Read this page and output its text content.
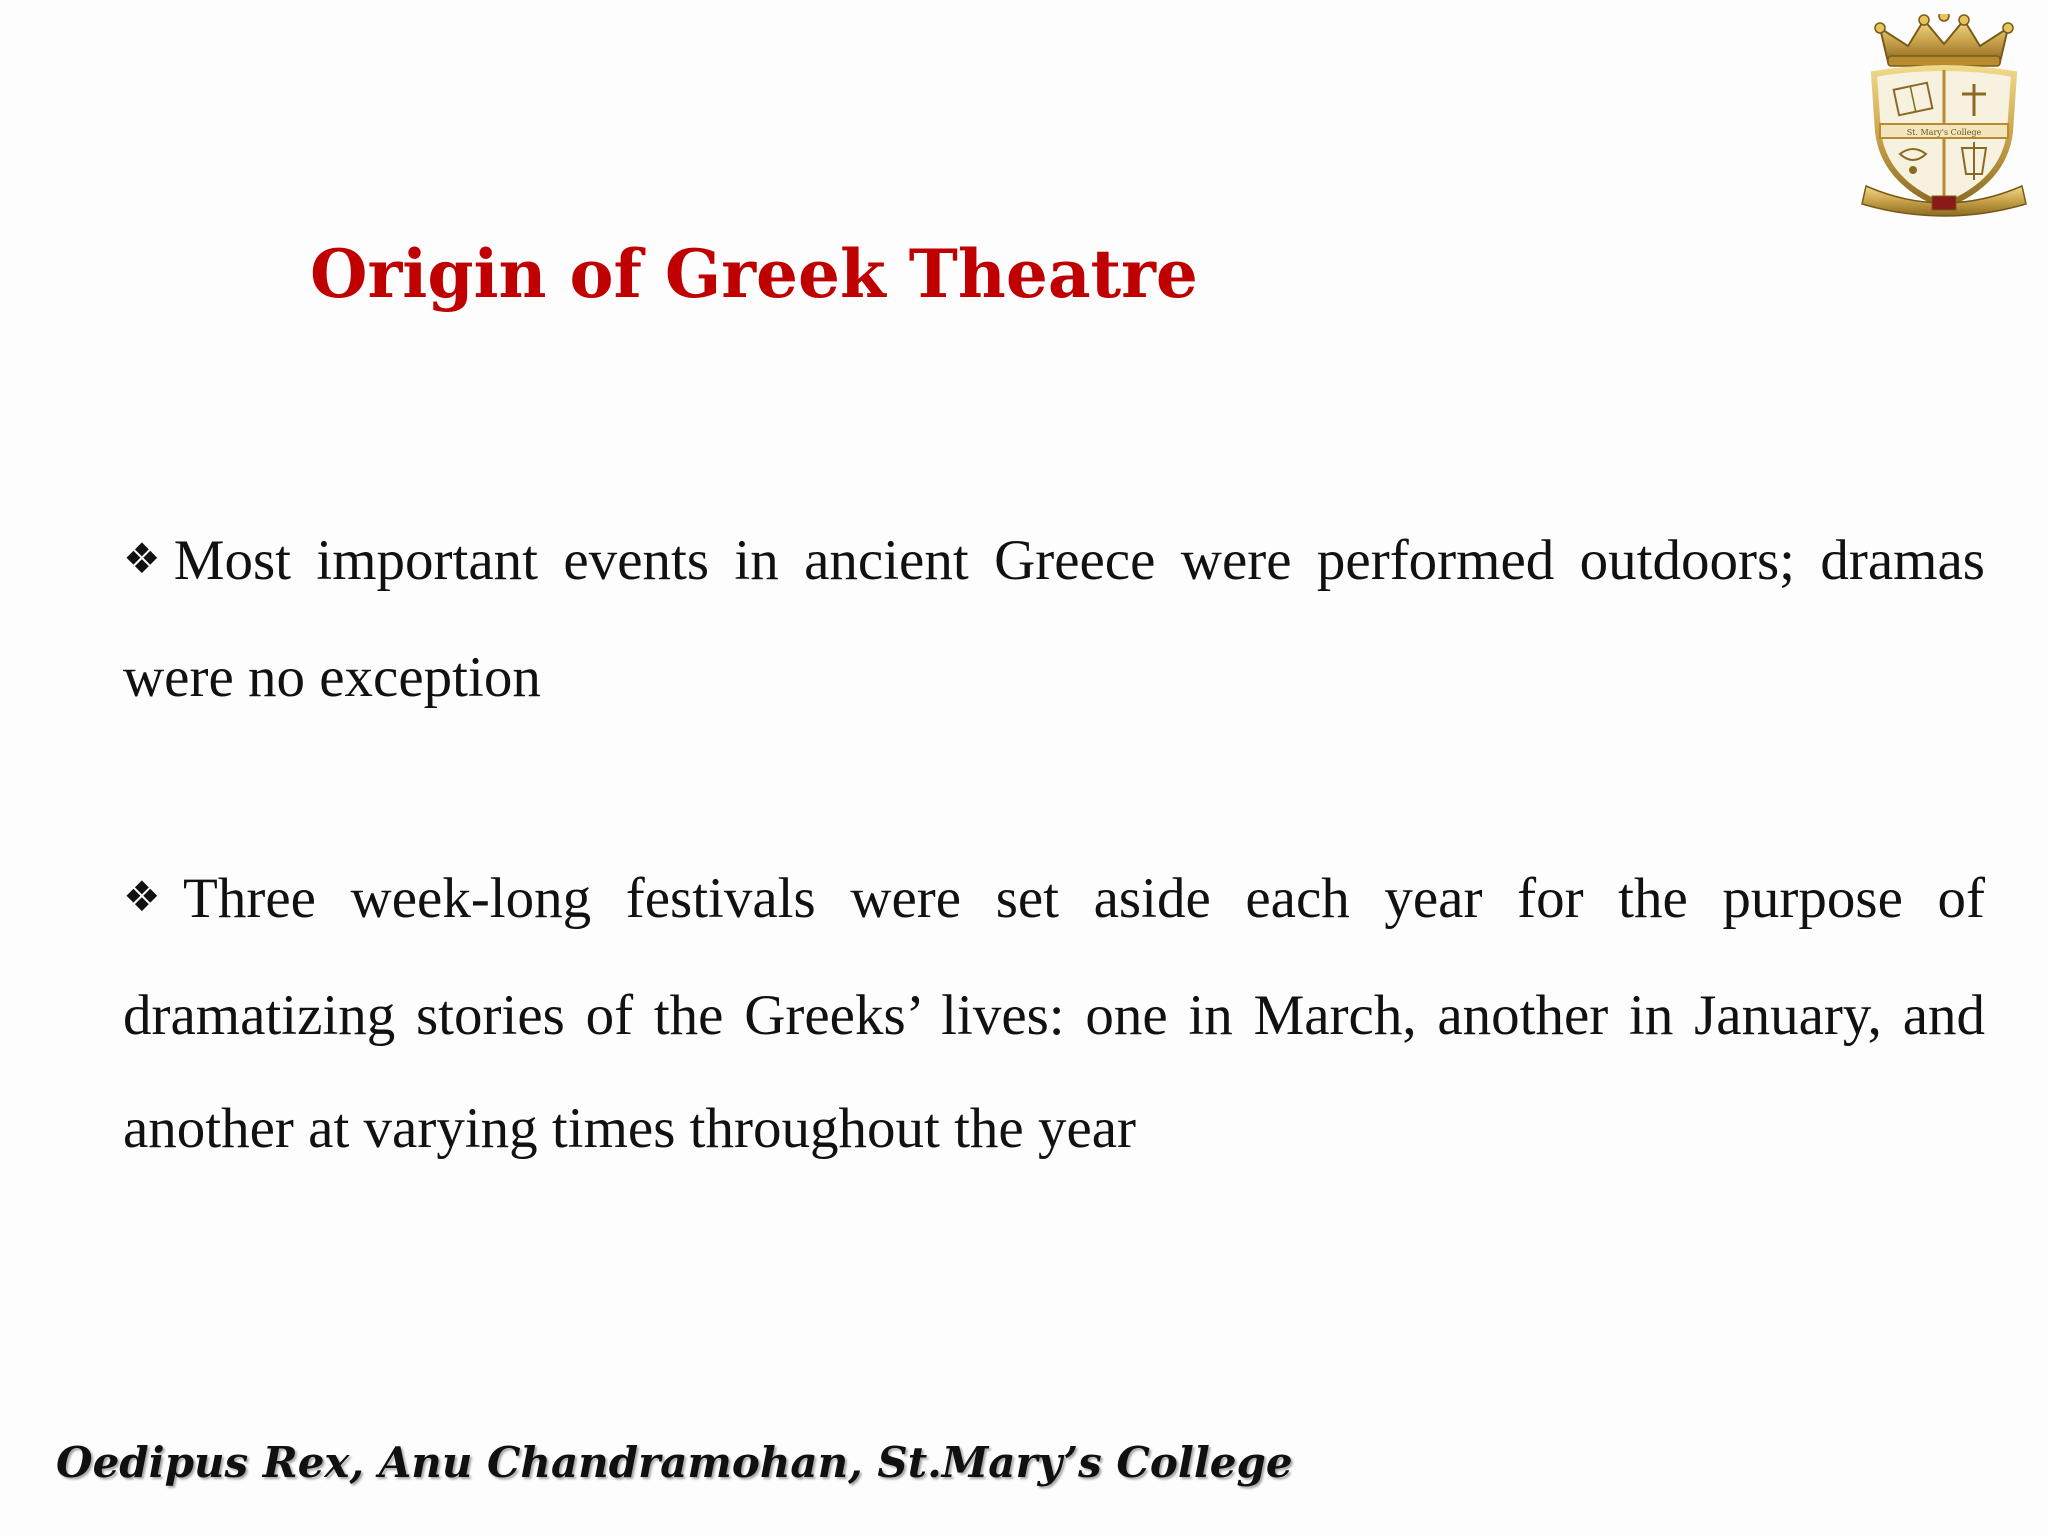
St. Mary's College
Origin of Greek Theatre

❖Most important events in ancient Greece were performed outdoors; dramas were no exception

❖Three week-long festivals were set aside each year for the purpose of dramatizing stories of the Greeks’ lives: one in March, another in January, and another at varying times throughout the year

Oedipus Rex, Anu Chandramohan, St.Mary’s College
